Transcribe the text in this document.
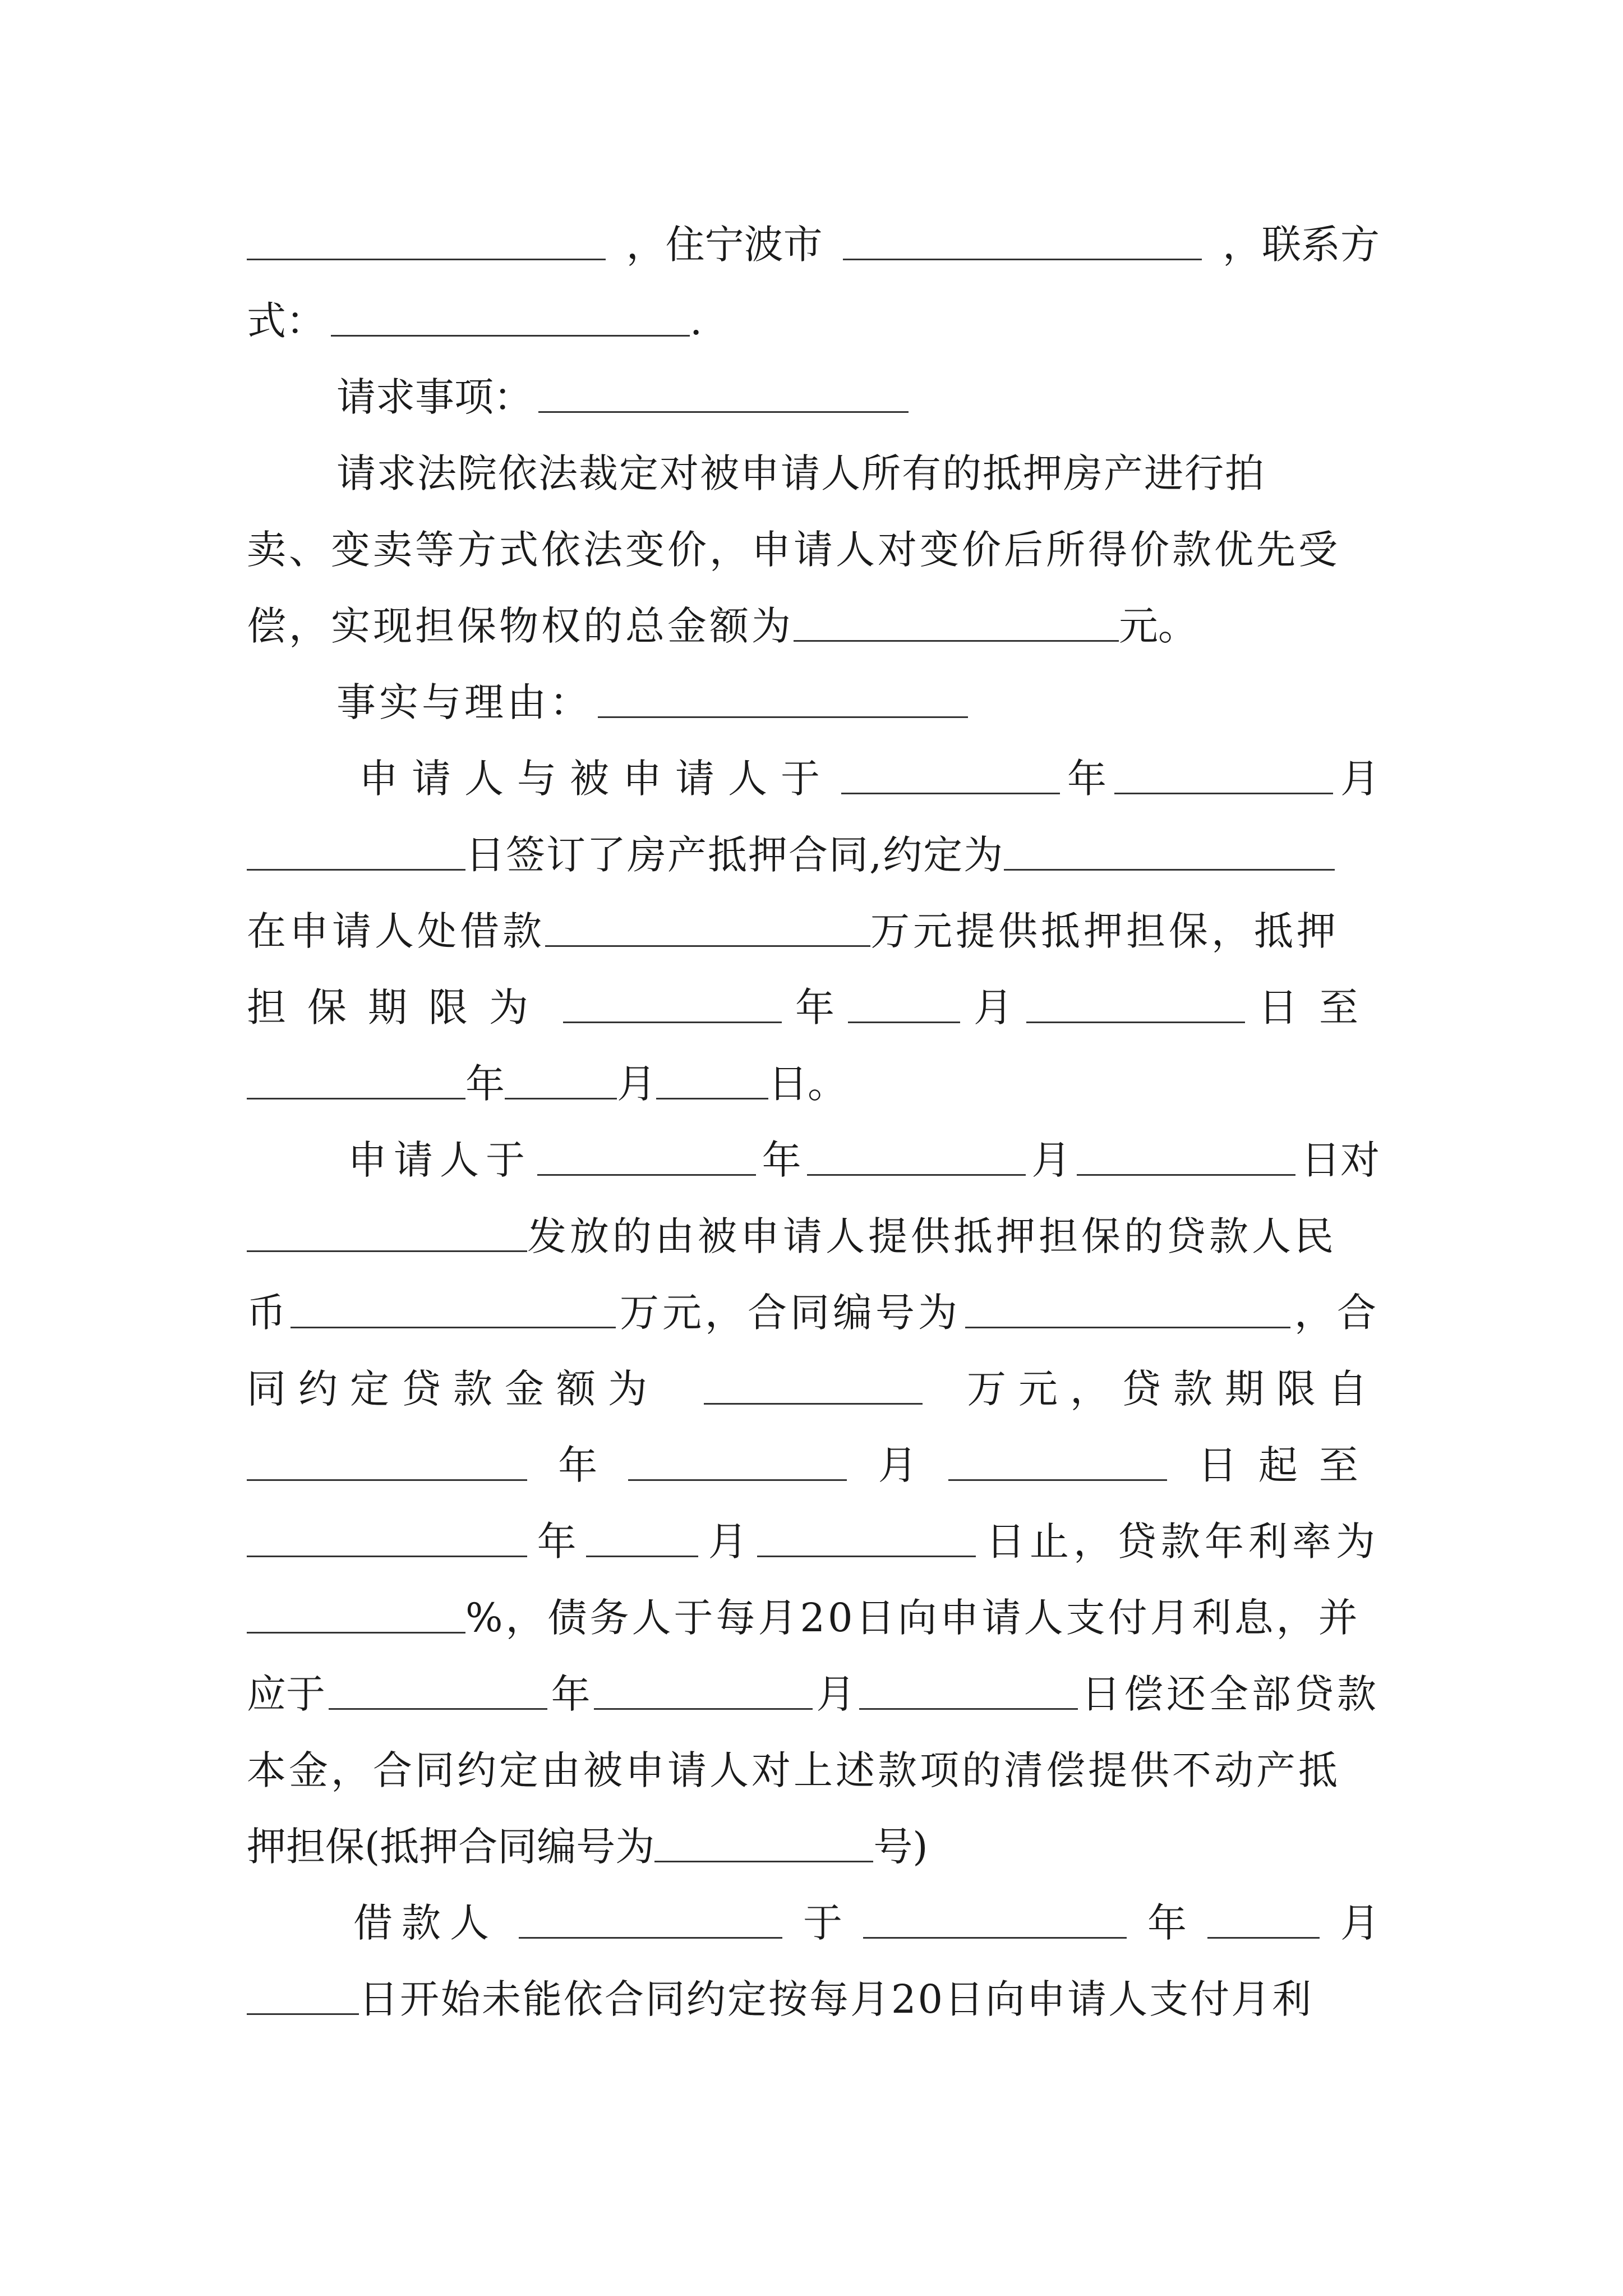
，住宁波市	，联系方
式：	.
请求事项：
请求法院依法裁定对被申请人所有的抵押房产进行拍
卖、变卖等方式依法变价，申请人对变价后所得价款优先受
偿，实现担保物权的总金额为	元。
事实与理由：
申请人与被申请人于	年	月
日签订了房产抵押合同,约定为
在申请人处借款	万元提供抵押担保，抵押
担保期限为	年	月	日至
年	月	日。
申请人于	年	月	日对
发放的由被申请人提供抵押担保的贷款人民
币	万元，合同编号为	，合
同约定贷款金额为	万元，贷款期限自
年	月	日起至
年	月	日止，贷款年利率为
%，债务人于每月20日向申请人支付月利息，并
应于	年	月	日偿还全部贷款
本金，合同约定由被申请人对上述款项的清偿提供不动产抵
押担保(抵押合同编号为	号)
借款人	于	年	月
日开始未能依合同约定按每月20日向申请人支付月利
